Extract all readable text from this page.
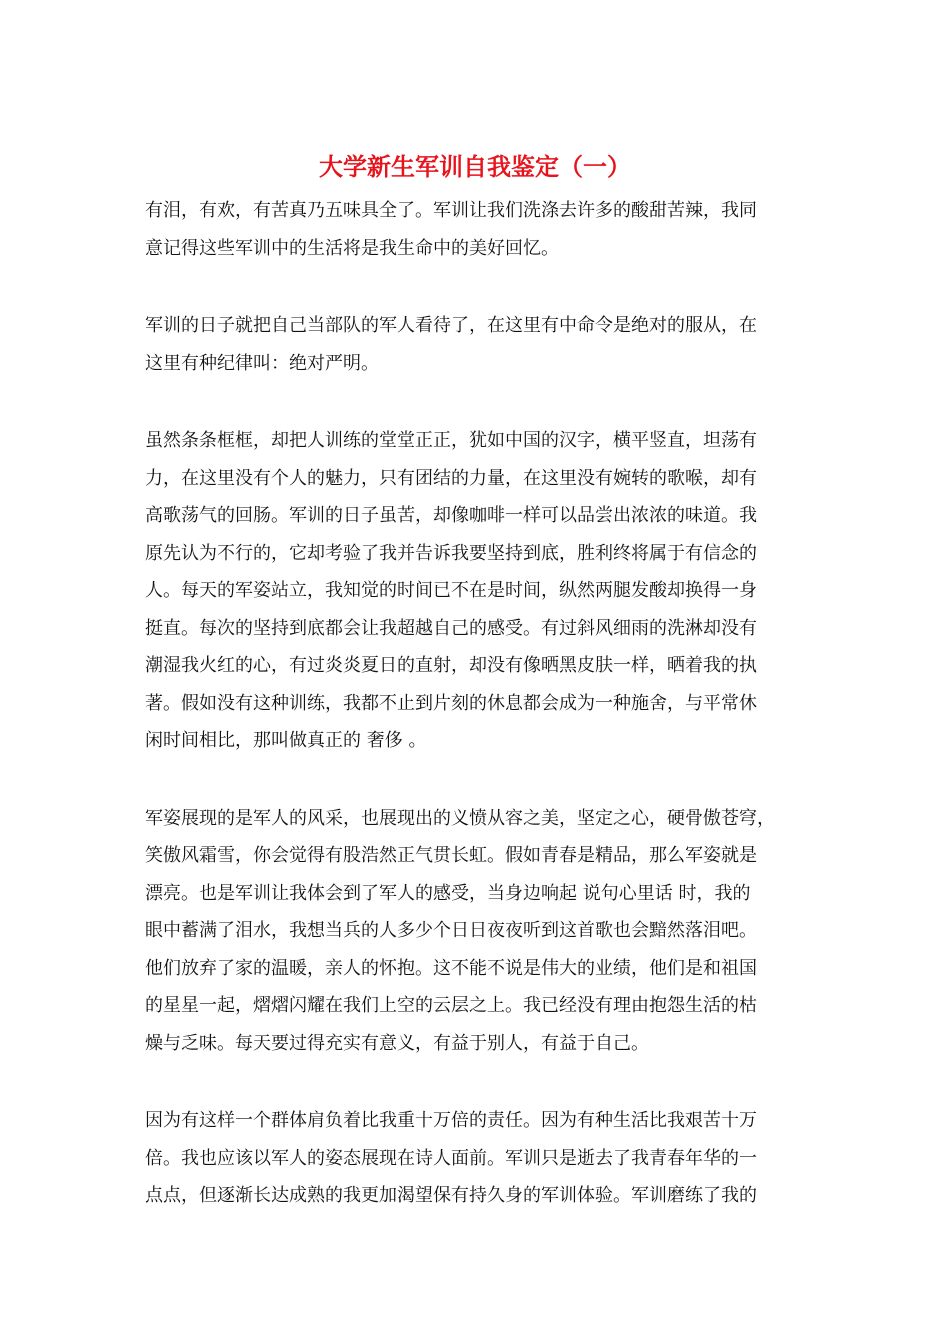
大学新生军训自我鉴定（一）
有泪，有欢，有苦真乃五味具全了。军训让我们洗涤去许多的酸甜苦辣，我同
意记得这些军训中的生活将是我生命中的美好回忆。
军训的日子就把自己当部队的军人看待了，在这里有中命令是绝对的服从，在
这里有种纪律叫：绝对严明。
虽然条条框框，却把人训练的堂堂正正，犹如中国的汉字，横平竖直，坦荡有
力，在这里没有个人的魅力，只有团结的力量，在这里没有婉转的歌喉，却有
高歌荡气的回肠。军训的日子虽苦，却像咖啡一样可以品尝出浓浓的味道。我
原先认为不行的，它却考验了我并告诉我要坚持到底，胜利终将属于有信念的
人。每天的军姿站立，我知觉的时间已不在是时间，纵然两腿发酸却换得一身
挺直。每次的坚持到底都会让我超越自己的感受。有过斜风细雨的洗淋却没有
潮湿我火红的心，有过炎炎夏日的直射，却没有像晒黑皮肤一样，晒着我的执
著。假如没有这种训练，我都不止到片刻的休息都会成为一种施舍，与平常休
闲时间相比，那叫做真正的 奢侈 。
军姿展现的是军人的风采，也展现出的义愤从容之美，坚定之心，硬骨傲苍穹，
笑傲风霜雪，你会觉得有股浩然正气贯长虹。假如青春是精品，那么军姿就是
漂亮。也是军训让我体会到了军人的感受，当身边响起 说句心里话 时，我的
眼中蓄满了泪水，我想当兵的人多少个日日夜夜听到这首歌也会黯然落泪吧。
他们放弃了家的温暖，亲人的怀抱。这不能不说是伟大的业绩，他们是和祖国
的星星一起，熠熠闪耀在我们上空的云层之上。我已经没有理由抱怨生活的枯
燥与乏味。每天要过得充实有意义，有益于别人，有益于自己。
因为有这样一个群体肩负着比我重十万倍的责任。因为有种生活比我艰苦十万
倍。我也应该以军人的姿态展现在诗人面前。军训只是逝去了我青春年华的一
点点，但逐渐长达成熟的我更加渴望保有持久身的军训体验。军训磨练了我的
